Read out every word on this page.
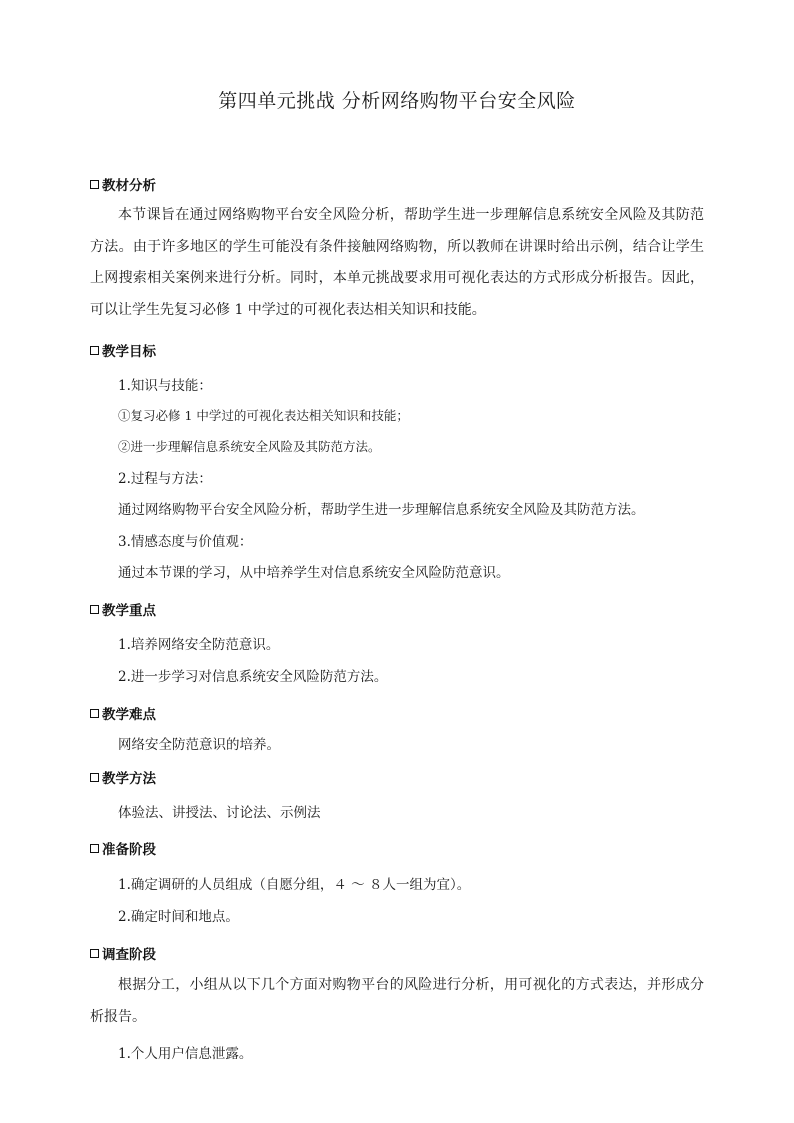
第四单元挑战 分析网络购物平台安全风险
教材分析
本节课旨在通过网络购物平台安全风险分析，帮助学生进一步理解信息系统安全风险及其防范方法。由于许多地区的学生可能没有条件接触网络购物，所以教师在讲课时给出示例，结合让学生上网搜索相关案例来进行分析。同时，本单元挑战要求用可视化表达的方式形成分析报告。因此，可以让学生先复习必修 1 中学过的可视化表达相关知识和技能。
教学目标
1.知识与技能：
①复习必修 1 中学过的可视化表达相关知识和技能；
②进一步理解信息系统安全风险及其防范方法。
2.过程与方法：
通过网络购物平台安全风险分析，帮助学生进一步理解信息系统安全风险及其防范方法。
3.情感态度与价值观：
通过本节课的学习，从中培养学生对信息系统安全风险防范意识。
教学重点
1.培养网络安全防范意识。
2.进一步学习对信息系统安全风险防范方法。
教学难点
网络安全防范意识的培养。
教学方法
体验法、讲授法、讨论法、示例法
准备阶段
1.确定调研的人员组成（自愿分组，４ ～ ８人一组为宜）。
2.确定时间和地点。
调查阶段
根据分工，小组从以下几个方面对购物平台的风险进行分析，用可视化的方式表达，并形成分析报告。
1.个人用户信息泄露。
